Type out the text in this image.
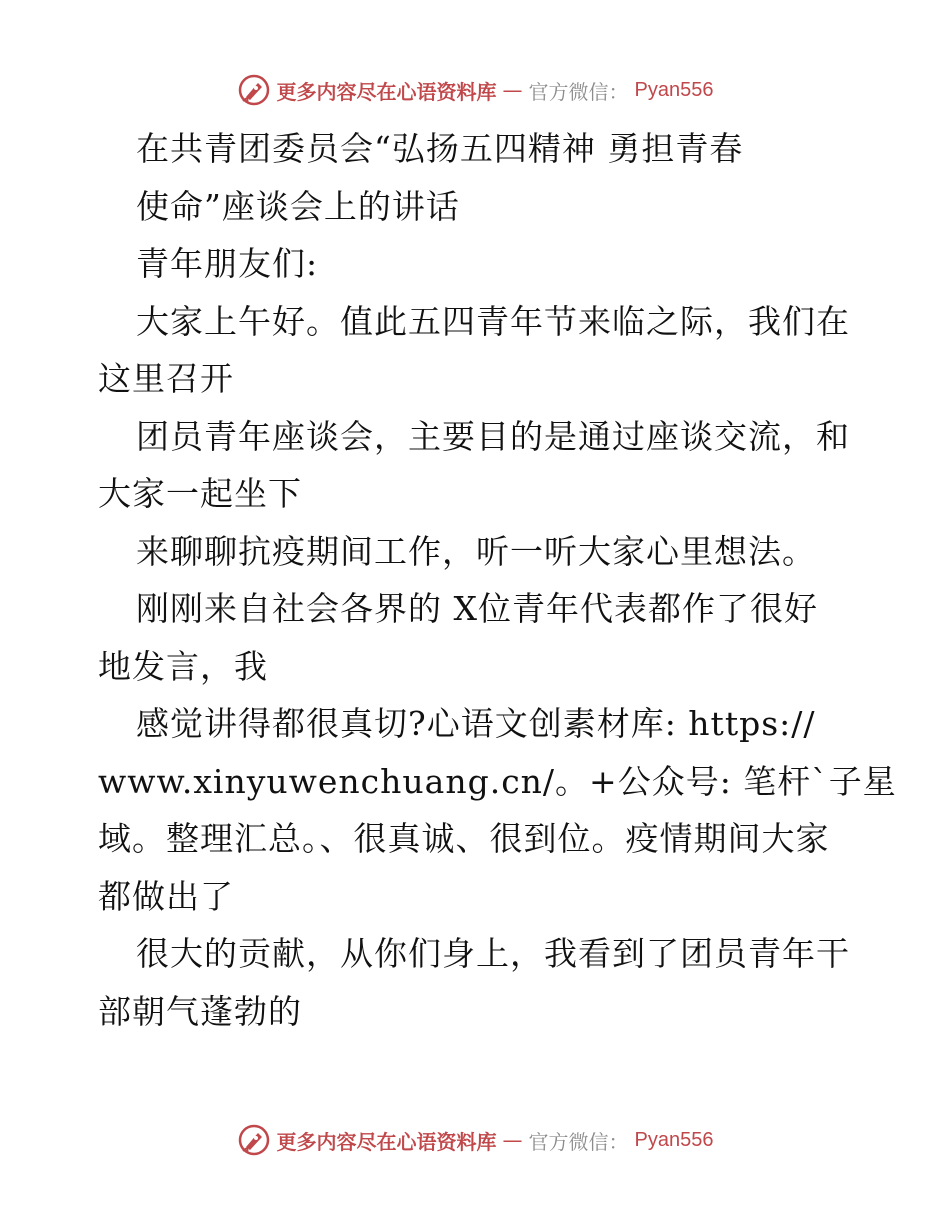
更多内容尽在心语资料库 — 官方微信： Pyan556
在共青团委员会“弘扬五四精神 勇担青春
使命”座谈会上的讲话
青年朋友们:
大家上午好。值此五四青年节来临之际，我们在
这里召开
团员青年座谈会，主要目的是通过座谈交流，和
大家一起坐下
来聊聊抗疫期间工作，听一听大家心里想法。
刚刚来自社会各界的 X位青年代表都作了很好
地发言，我
感觉讲得都很真切?心语文创素材库: https://
www.xinyuwenchuang.cn/。+公众号: 笔杆`子星
域。整理汇总。、很真诚、很到位。疫情期间大家
都做出了
很大的贡献，从你们身上，我看到了团员青年干
部朝气蓬勃的
更多内容尽在心语资料库 — 官方微信： Pyan556
